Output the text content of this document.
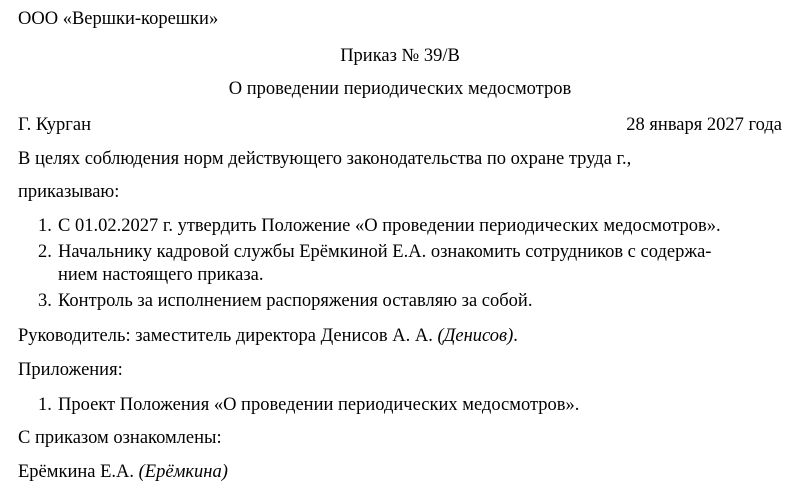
ООО «Вершки-корешки»
Приказ № 39/В
О проведении периодических медосмотров
Г. Курган	28 января 2027 года
В целях соблюдения норм действующего законодательства по охране труда г.,
приказываю:
1. С 01.02.2027 г. утвердить Положение «О проведении периодических медосмотров».
2. Начальнику кадровой службы Ерёмкиной Е.А. ознакомить сотрудников с содержа-
нием настоящего приказа.
3. Контроль за исполнением распоряжения оставляю за собой.
Руководитель: заместитель директора Денисов А. А. (Денисов).
Приложения:
1. Проект Положения «О проведении периодических медосмотров».
С приказом ознакомлены:
Ерёмкина Е.А. (Ерёмкина)
